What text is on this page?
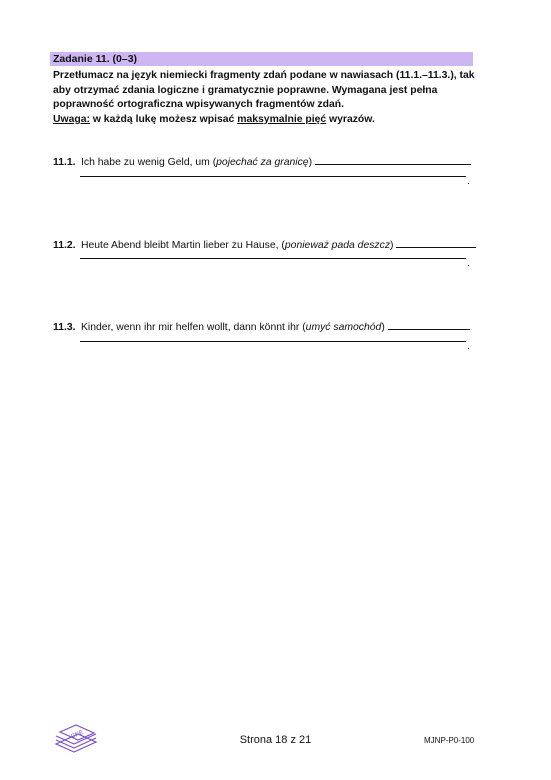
Zadanie 11. (0–3)

Przetłumacz na język niemiecki fragmenty zdań podane w nawiasach (11.1.–11.3.), tak

aby otrzymać zdania logiczne i gramatycznie poprawne. Wymagana jest pełna

poprawność ortograficzna wpisywanych fragmentów zdań.

Uwaga: w każdą lukę możesz wpisać maksymalnie pięć wyrazów.

11.1. Ich habe zu wenig Geld, um (pojechać za granicę)
.
11.2. Heute Abend bleibt Martin lieber zu Hause, (ponieważ pada deszcz)
.
11.3. Kinder, wenn ihr mir helfen wollt, dann könnt ihr (umyć samochód)
.
CKE	Strona 18 z 21	MJNP-P0-100
